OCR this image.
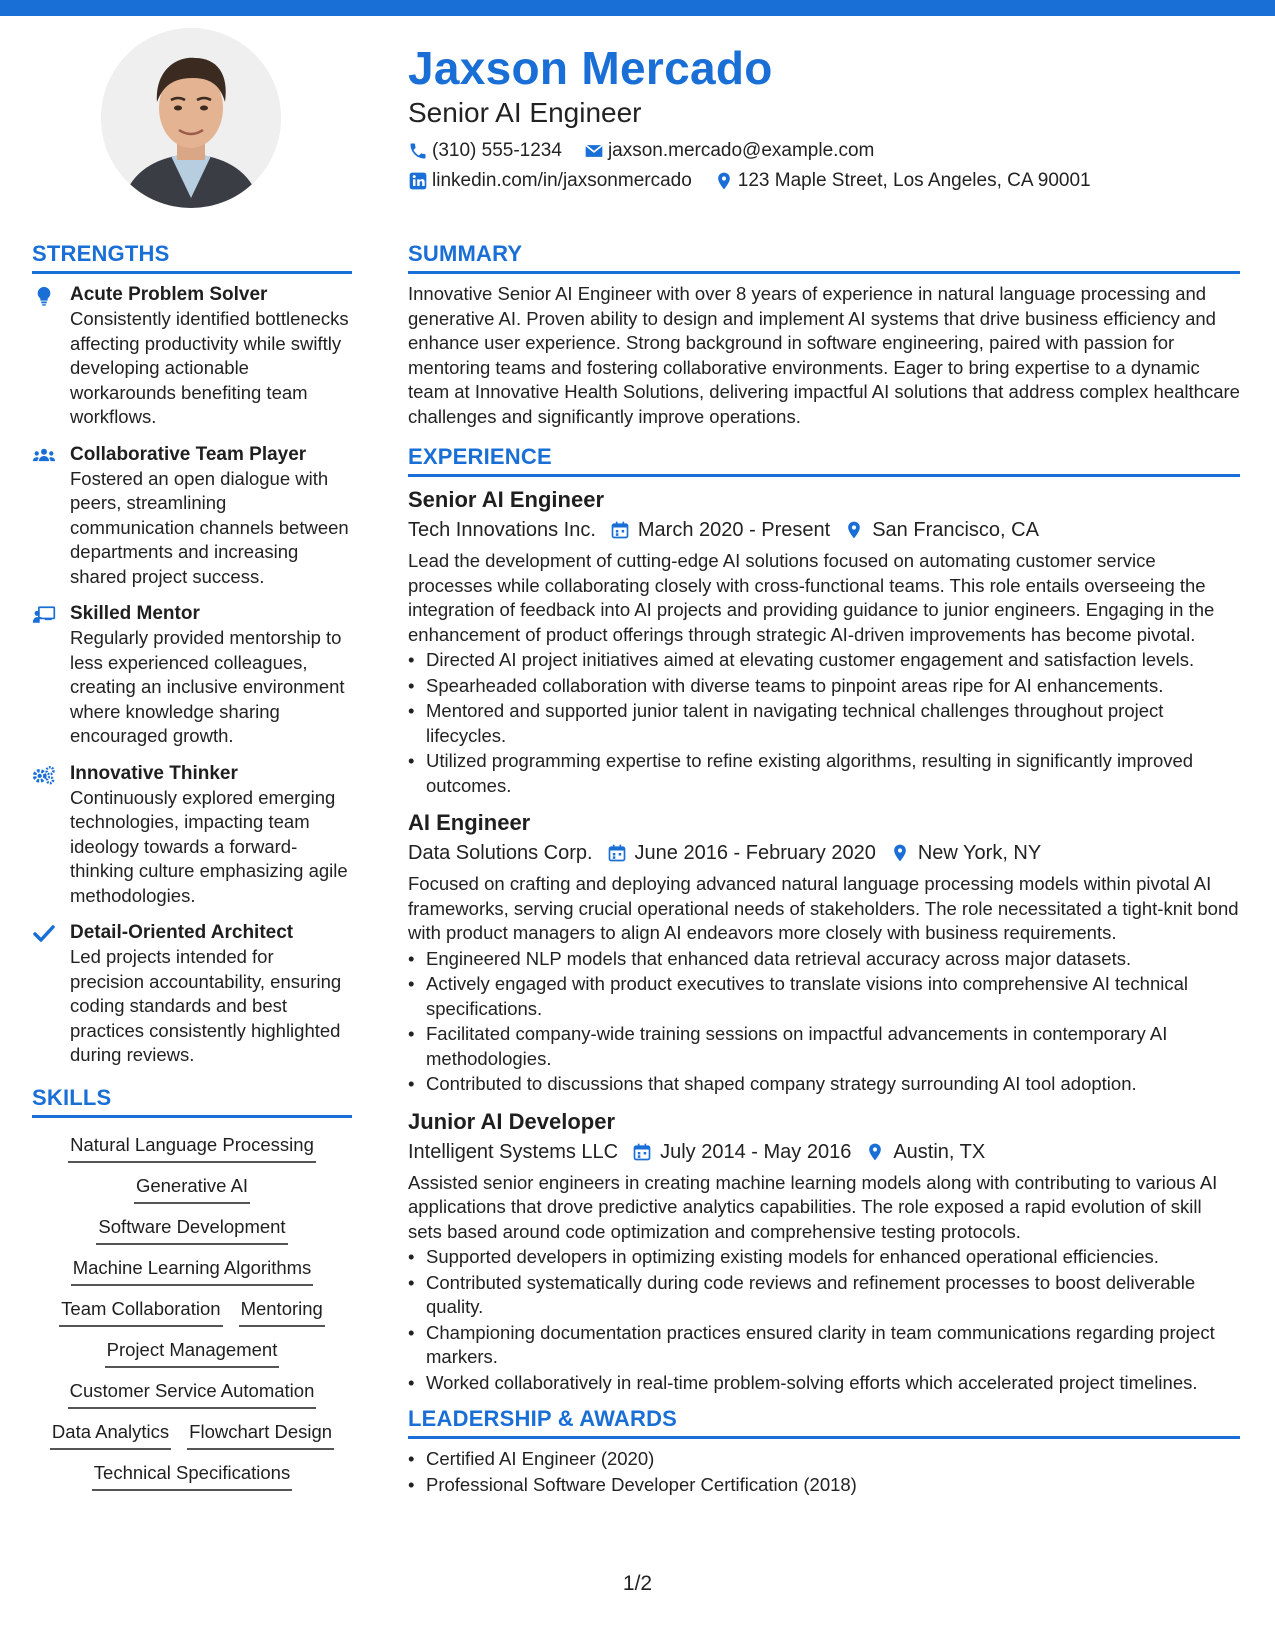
Jaxson Mercado
Senior AI Engineer
(310) 555-1234 jaxson.mercado@example.com
linkedin.com/in/jaxsonmercado 123 Maple Street, Los Angeles, CA 90001
STRENGTHS
Acute Problem Solver
Consistently identified bottlenecks affecting productivity while swiftly developing actionable workarounds benefiting team workflows.
Collaborative Team Player
Fostered an open dialogue with peers, streamlining communication channels between departments and increasing shared project success.
Skilled Mentor
Regularly provided mentorship to less experienced colleagues, creating an inclusive environment where knowledge sharing encouraged growth.
Innovative Thinker
Continuously explored emerging technologies, impacting team ideology towards a forward-thinking culture emphasizing agile methodologies.
Detail-Oriented Architect
Led projects intended for precision accountability, ensuring coding standards and best practices consistently highlighted during reviews.
SKILLS
Natural Language Processing
Generative AI
Software Development
Machine Learning Algorithms
Team Collaboration Mentoring
Project Management
Customer Service Automation
Data Analytics Flowchart Design
Technical Specifications
SUMMARY

Innovative Senior AI Engineer with over 8 years of experience in natural language processing and generative AI. Proven ability to design and implement AI systems that drive business efficiency and enhance user experience. Strong background in software engineering, paired with passion for mentoring teams and fostering collaborative environments. Eager to bring expertise to a dynamic team at Innovative Health Solutions, delivering impactful AI solutions that address complex healthcare challenges and significantly improve operations.

EXPERIENCE
Senior AI Engineer
Tech Innovations Inc. March 2020 - Present San Francisco, CA
Lead the development of cutting-edge AI solutions focused on automating customer service processes while collaborating closely with cross-functional teams. This role entails overseeing the integration of feedback into AI projects and providing guidance to junior engineers. Engaging in the enhancement of product offerings through strategic AI-driven improvements has become pivotal.
• Directed AI project initiatives aimed at elevating customer engagement and satisfaction levels.
• Spearheaded collaboration with diverse teams to pinpoint areas ripe for AI enhancements.
• Mentored and supported junior talent in navigating technical challenges throughout project lifecycles.
• Utilized programming expertise to refine existing algorithms, resulting in significantly improved outcomes.
AI Engineer
Data Solutions Corp. June 2016 - February 2020 New York, NY
Focused on crafting and deploying advanced natural language processing models within pivotal AI frameworks, serving crucial operational needs of stakeholders. The role necessitated a tight-knit bond with product managers to align AI endeavors more closely with business requirements.
• Engineered NLP models that enhanced data retrieval accuracy across major datasets.
• Actively engaged with product executives to translate visions into comprehensive AI technical specifications.
• Facilitated company-wide training sessions on impactful advancements in contemporary AI methodologies.
• Contributed to discussions that shaped company strategy surrounding AI tool adoption.
Junior AI Developer
Intelligent Systems LLC July 2014 - May 2016 Austin, TX
Assisted senior engineers in creating machine learning models along with contributing to various AI applications that drove predictive analytics capabilities. The role exposed a rapid evolution of skill sets based around code optimization and comprehensive testing protocols.
• Supported developers in optimizing existing models for enhanced operational efficiencies.
• Contributed systematically during code reviews and refinement processes to boost deliverable quality.
• Championing documentation practices ensured clarity in team communications regarding project markers.
• Worked collaboratively in real-time problem-solving efforts which accelerated project timelines.
LEADERSHIP & AWARDS
• Certified AI Engineer (2020)
• Professional Software Developer Certification (2018)
1/2
